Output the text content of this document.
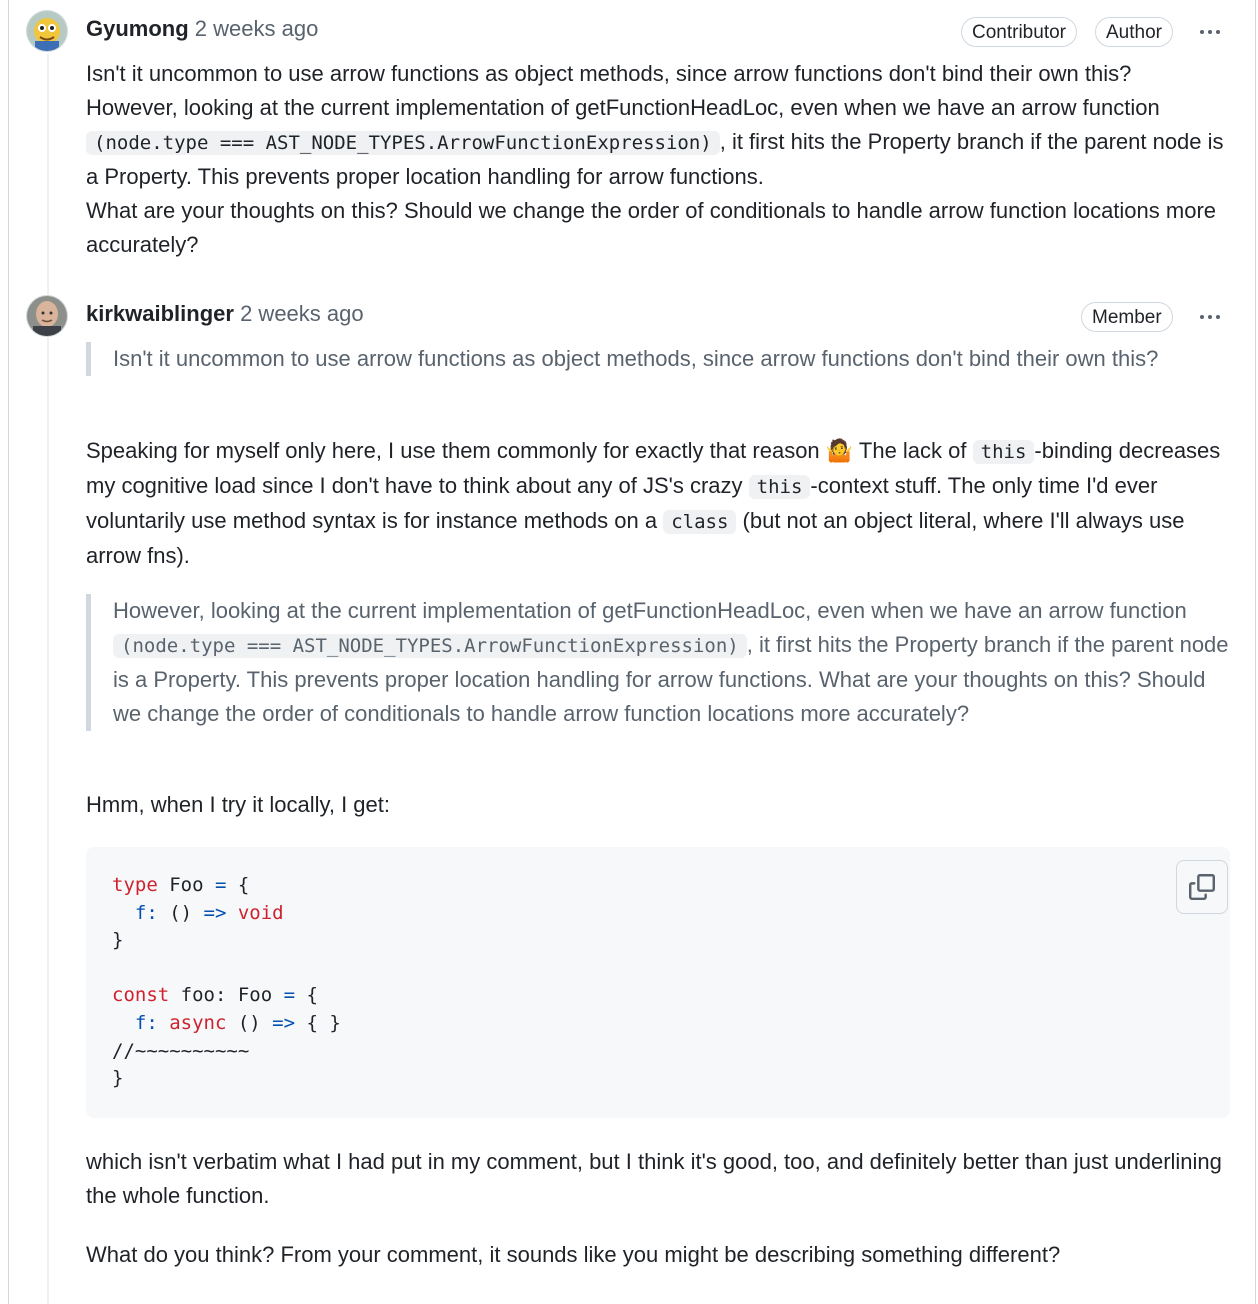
Gyumong 2 weeks ago	Contributor	Author

Isn't it uncommon to use arrow functions as object methods, since arrow functions don't bind their own this?
However, looking at the current implementation of getFunctionHeadLoc, even when we have an arrow function (node.type === AST_NODE_TYPES.ArrowFunctionExpression) , it first hits the Property branch if the parent node is a Property. This prevents proper location handling for arrow functions.
What are your thoughts on this? Should we change the order of conditionals to handle arrow function locations more accurately?

kirkwaiblinger 2 weeks ago	Member

Isn't it uncommon to use arrow functions as object methods, since arrow functions don't bind their own this?

Speaking for myself only here, I use them commonly for exactly that reason 🤷 The lack of this -binding decreases my cognitive load since I don't have to think about any of JS's crazy this -context stuff. The only time I'd ever voluntarily use method syntax is for instance methods on a class (but not an object literal, where I'll always use arrow fns).

However, looking at the current implementation of getFunctionHeadLoc, even when we have an arrow function (node.type === AST_NODE_TYPES.ArrowFunctionExpression) , it first hits the Property branch if the parent node is a Property. This prevents proper location handling for arrow functions. What are your thoughts on this? Should we change the order of conditionals to handle arrow function locations more accurately?

Hmm, when I try it locally, I get:

type Foo = {
f: () => void
}

const foo: Foo = {
f: async () => { }
//~~~~~~~~~~
}

which isn't verbatim what I had put in my comment, but I think it's good, too, and definitely better than just underlining the whole function.

What do you think? From your comment, it sounds like you might be describing something different?
